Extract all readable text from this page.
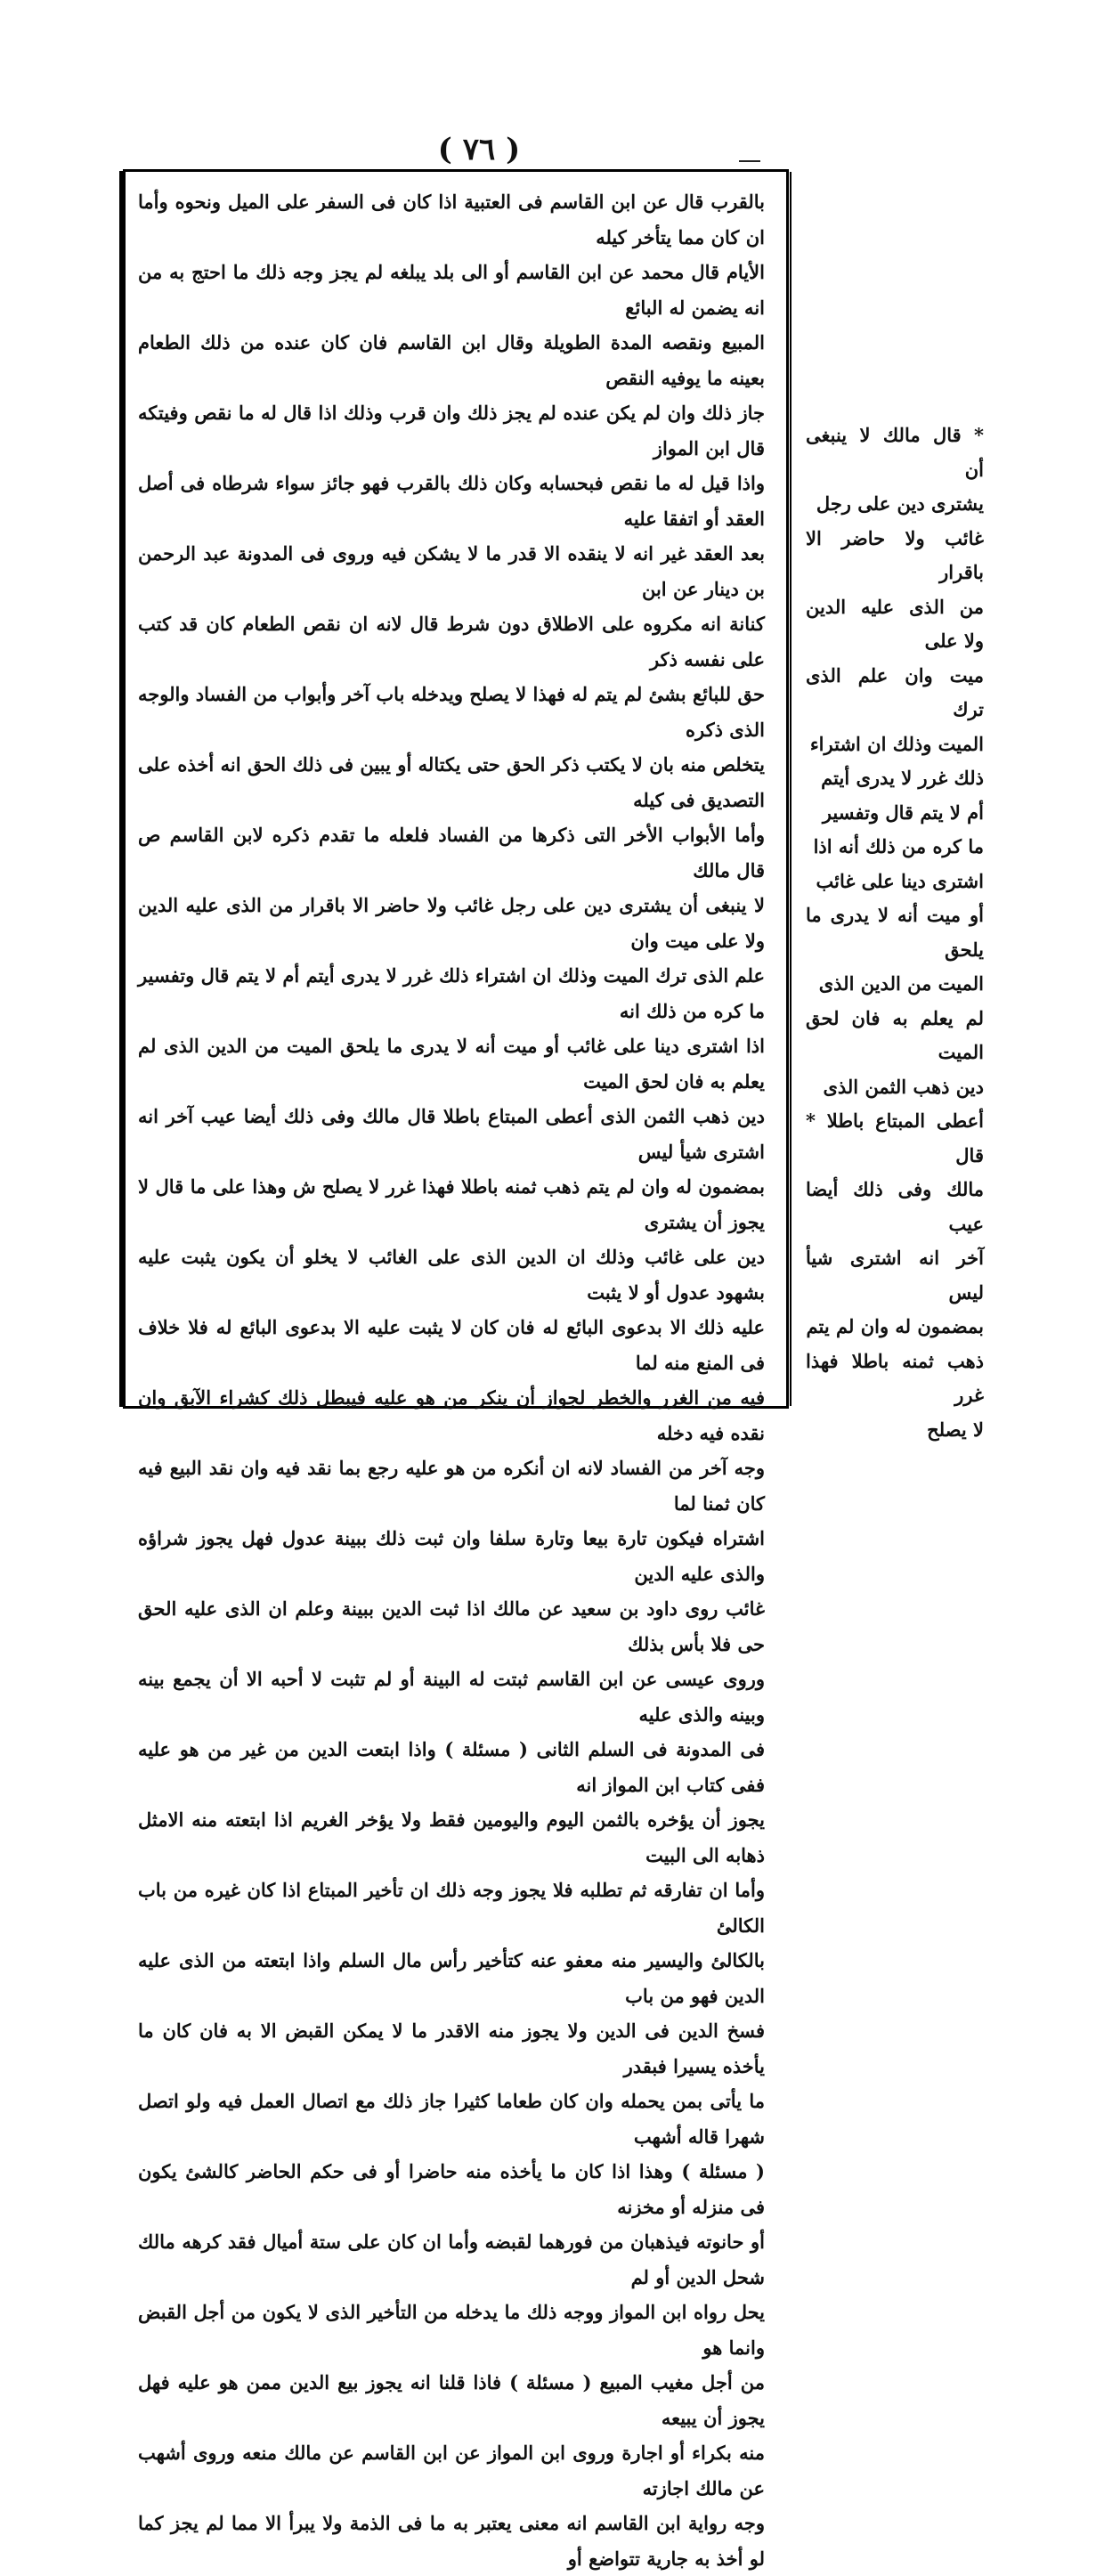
( ٧٦ )

بالقرب قال عن ابن القاسم فى العتبية اذا كان فى السفر على الميل ونحوه وأما ان كان مما يتأخر كيله

الأيام قال محمد عن ابن القاسم أو الى بلد يبلغه لم يجز وجه ذلك ما احتج به من انه يضمن له البائع

المبيع ونقصه المدة الطويلة وقال ابن القاسم فان كان عنده من ذلك الطعام بعينه ما يوفيه النقص

جاز ذلك وان لم يكن عنده لم يجز ذلك وان قرب وذلك اذا قال له ما نقص وفيتكه قال ابن المواز

واذا قيل له ما نقص فبحسابه وكان ذلك بالقرب فهو جائز سواء شرطاه فى أصل العقد أو اتفقا عليه

بعد العقد غير انه لا ينقده الا قدر ما لا يشكن فيه وروى فى المدونة عبد الرحمن بن دينار عن ابن

كنانة انه مكروه على الاطلاق دون شرط قال لانه ان نقص الطعام كان قد كتب على نفسه ذكر

حق للبائع بشئ لم يتم له فهذا لا يصلح ويدخله باب آخر وأبواب من الفساد والوجه الذى ذكره

يتخلص منه بان لا يكتب ذكر الحق حتى يكتاله أو يبين فى ذلك الحق انه أخذه على التصديق فى كيله

وأما الأبواب الأخر التى ذكرها من الفساد فلعله ما تقدم ذكره لابن القاسم ص قال مالك

لا ينبغى أن يشترى دين على رجل غائب ولا حاضر الا باقرار من الذى عليه الدين ولا على ميت وان

علم الذى ترك الميت وذلك ان اشتراء ذلك غرر لا يدرى أيتم أم لا يتم قال وتفسير ما كره من ذلك انه

اذا اشترى دينا على غائب أو ميت أنه لا يدرى ما يلحق الميت من الدين الذى لم يعلم به فان لحق الميت

دين ذهب الثمن الذى أعطى المبتاع باطلا قال مالك وفى ذلك أيضا عيب آخر انه اشترى شيأ ليس

بمضمون له وان لم يتم ذهب ثمنه باطلا فهذا غرر لا يصلح ش وهذا على ما قال لا يجوز أن يشترى

دين على غائب وذلك ان الدين الذى على الغائب لا يخلو أن يكون يثبت عليه بشهود عدول أو لا يثبت

عليه ذلك الا بدعوى البائع له فان كان لا يثبت عليه الا بدعوى البائع له فلا خلاف فى المنع منه لما

فيه من الغرر والخطر لجواز أن ينكر من هو عليه فيبطل ذلك كشراء الآبق وان نقده فيه دخله

وجه آخر من الفساد لانه ان أنكره من هو عليه رجع بما نقد فيه وان نقد البيع فيه كان ثمنا لما

اشتراه فيكون تارة بيعا وتارة سلفا وان ثبت ذلك ببينة عدول فهل يجوز شراؤه والذى عليه الدين

غائب روى داود بن سعيد عن مالك اذا ثبت الدين ببينة وعلم ان الذى عليه الحق حى فلا بأس بذلك

وروى عيسى عن ابن القاسم ثبتت له البينة أو لم تثبت لا أحبه الا أن يجمع بينه وبينه والذى عليه

فى المدونة فى السلم الثانى ( مسئلة ) واذا ابتعت الدين من غير من هو عليه ففى كتاب ابن المواز انه

يجوز أن يؤخره بالثمن اليوم واليومين فقط ولا يؤخر الغريم اذا ابتعته منه الامثل ذهابه الى البيت

وأما ان تفارقه ثم تطلبه فلا يجوز وجه ذلك ان تأخير المبتاع اذا كان غيره من باب الكالئ

بالكالئ واليسير منه معفو عنه كتأخير رأس مال السلم واذا ابتعته من الذى عليه الدين فهو من باب

فسخ الدين فى الدين ولا يجوز منه الاقدر ما لا يمكن القبض الا به فان كان ما يأخذه يسيرا فبقدر

ما يأتى بمن يحمله وان كان طعاما كثيرا جاز ذلك مع اتصال العمل فيه ولو اتصل شهرا قاله أشهب

( مسئلة ) وهذا اذا كان ما يأخذه منه حاضرا أو فى حكم الحاضر كالشئ يكون فى منزله أو مخزنه

أو حانوته فيذهبان من فورهما لقبضه وأما ان كان على ستة أميال فقد كرهه مالك شحل الدين أو لم

يحل رواه ابن المواز ووجه ذلك ما يدخله من التأخير الذى لا يكون من أجل القبض وانما هو

من أجل مغيب المبيع ( مسئلة ) فاذا قلنا انه يجوز بيع الدين ممن هو عليه فهل يجوز أن يبيعه

منه بكراء أو اجارة وروى ابن المواز عن ابن القاسم عن مالك منعه وروى أشهب عن مالك اجازته

وجه رواية ابن القاسم انه معنى يعتبر به ما فى الذمة ولا يبرأ الا مما لم يجز كما لو أخذ به جارية تتواضع أو

* قال مالك لا ينبغى أن

يشترى دين على رجل

غائب ولا حاضر الا باقرار

من الذى عليه الدين ولا على

ميت وان علم الذى ترك

الميت وذلك ان اشتراء

ذلك غرر لا يدرى أيتم

أم لا يتم قال وتفسير

ما كره من ذلك أنه اذا

اشترى دينا على غائب

أو ميت أنه لا يدرى ما يلحق

الميت من الدين الذى

لم يعلم به فان لحق الميت

دين ذهب الثمن الذى

أعطى المبتاع باطلا * قال

مالك وفى ذلك أيضا عيب

آخر انه اشترى شيأ ليس

بمضمون له وان لم يتم

ذهب ثمنه باطلا فهذا غرر

لا يصلح
